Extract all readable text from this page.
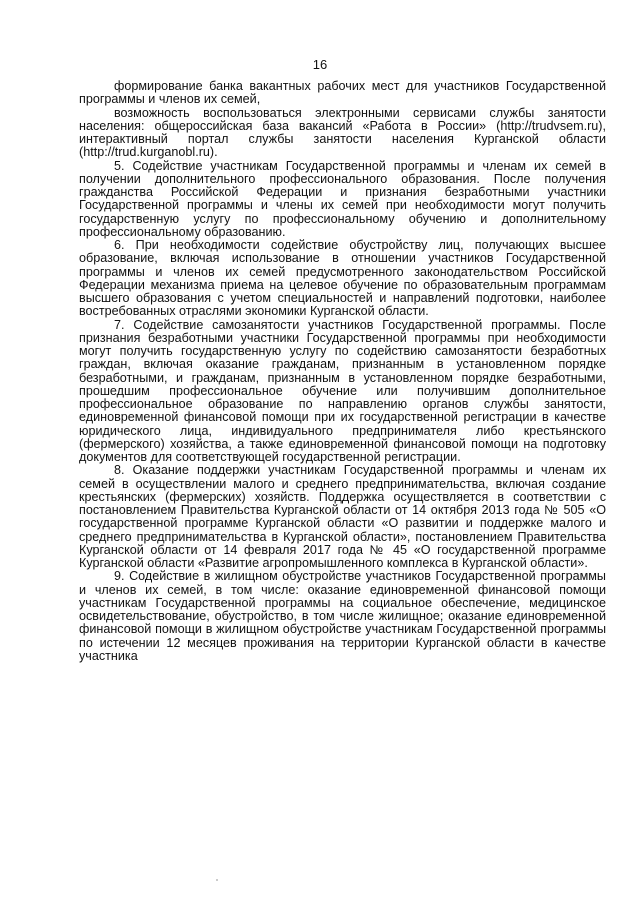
16

формирование банка вакантных рабочих мест для участников Государственной программы и членов их семей,

возможность воспользоваться электронными сервисами службы занятости населения: общероссийская база вакансий «Работа в России» (http://trudvsem.ru), интерактивный портал службы занятости населения Курганской области (http://trud.kurganobl.ru).

5. Содействие участникам Государственной программы и членам их семей в получении дополнительного профессионального образования. После получения гражданства Российской Федерации и признания безработными участники Государственной программы и члены их семей при необходимости могут получить государственную услугу по профессиональному обучению и дополнительному профессиональному образованию.

6. При необходимости содействие обустройству лиц, получающих высшее образование, включая использование в отношении участников Государственной программы и членов их семей предусмотренного законодательством Российской Федерации механизма приема на целевое обучение по образовательным программам высшего образования с учетом специальностей и направлений подготовки, наиболее востребованных отраслями экономики Курганской области.

7. Содействие самозанятости участников Государственной программы. После признания безработными участники Государственной программы при необходимости могут получить государственную услугу по содействию самозанятости безработных граждан, включая оказание гражданам, признанным в установленном порядке безработными, и гражданам, признанным в установленном порядке безработными, прошедшим профессиональное обучение или получившим дополнительное профессиональное образование по направлению органов службы занятости, единовременной финансовой помощи при их государственной регистрации в качестве юридического лица, индивидуального предпринимателя либо крестьянского (фермерского) хозяйства, а также единовременной финансовой помощи на подготовку документов для соответствующей государственной регистрации.

8. Оказание поддержки участникам Государственной программы и членам их семей в осуществлении малого и среднего предпринимательства, включая создание крестьянских (фермерских) хозяйств. Поддержка осуществляется в соответствии с постановлением Правительства Курганской области от 14 октября 2013 года № 505 «О государственной программе Курганской области «О развитии и поддержке малого и среднего предпринимательства в Курганской области», постановлением Правительства Курганской области от 14 февраля 2017 года № 45 «О государственной программе Курганской области «Развитие агропромышленного комплекса в Курганской области».

9. Содействие в жилищном обустройстве участников Государственной программы и членов их семей, в том числе: оказание единовременной финансовой помощи участникам Государственной программы на социальное обеспечение, медицинское освидетельствование, обустройство, в том числе жилищное; оказание единовременной финансовой помощи в жилищном обустройстве участникам Государственной программы по истечении 12 месяцев проживания на территории Курганской области в качестве участника
